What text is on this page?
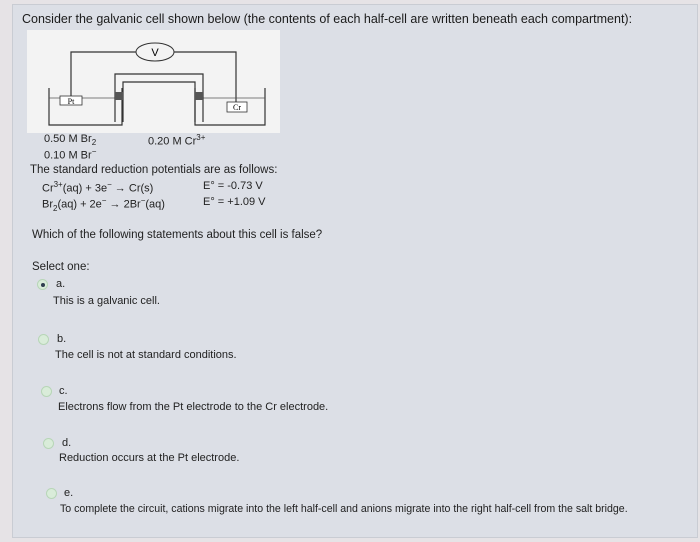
Consider the galvanic cell shown below (the contents of each half-cell are written beneath each compartment):
V
Pt
Cr
0.50 M $Br_2$
0.10 M Br−
0.20 M $Cr^{3+}$
The standard reduction potentials are as follows:
$Cr^{3+}(aq) + 3e^- \to Cr(s)$	E° = -0.73 V
$Br_2(aq) + 2e^- \to 2Br^-(aq)$	E° = +1.09 V
Which of the following statements about this cell is false?
Select one:
a.
This is a galvanic cell.
b.
The cell is not at standard conditions.
c.
Electrons flow from the Pt electrode to the Cr electrode.
d.
Reduction occurs at the Pt electrode.
e.
To complete the circuit, cations migrate into the left half-cell and anions migrate into the right half-cell from the salt bridge.
